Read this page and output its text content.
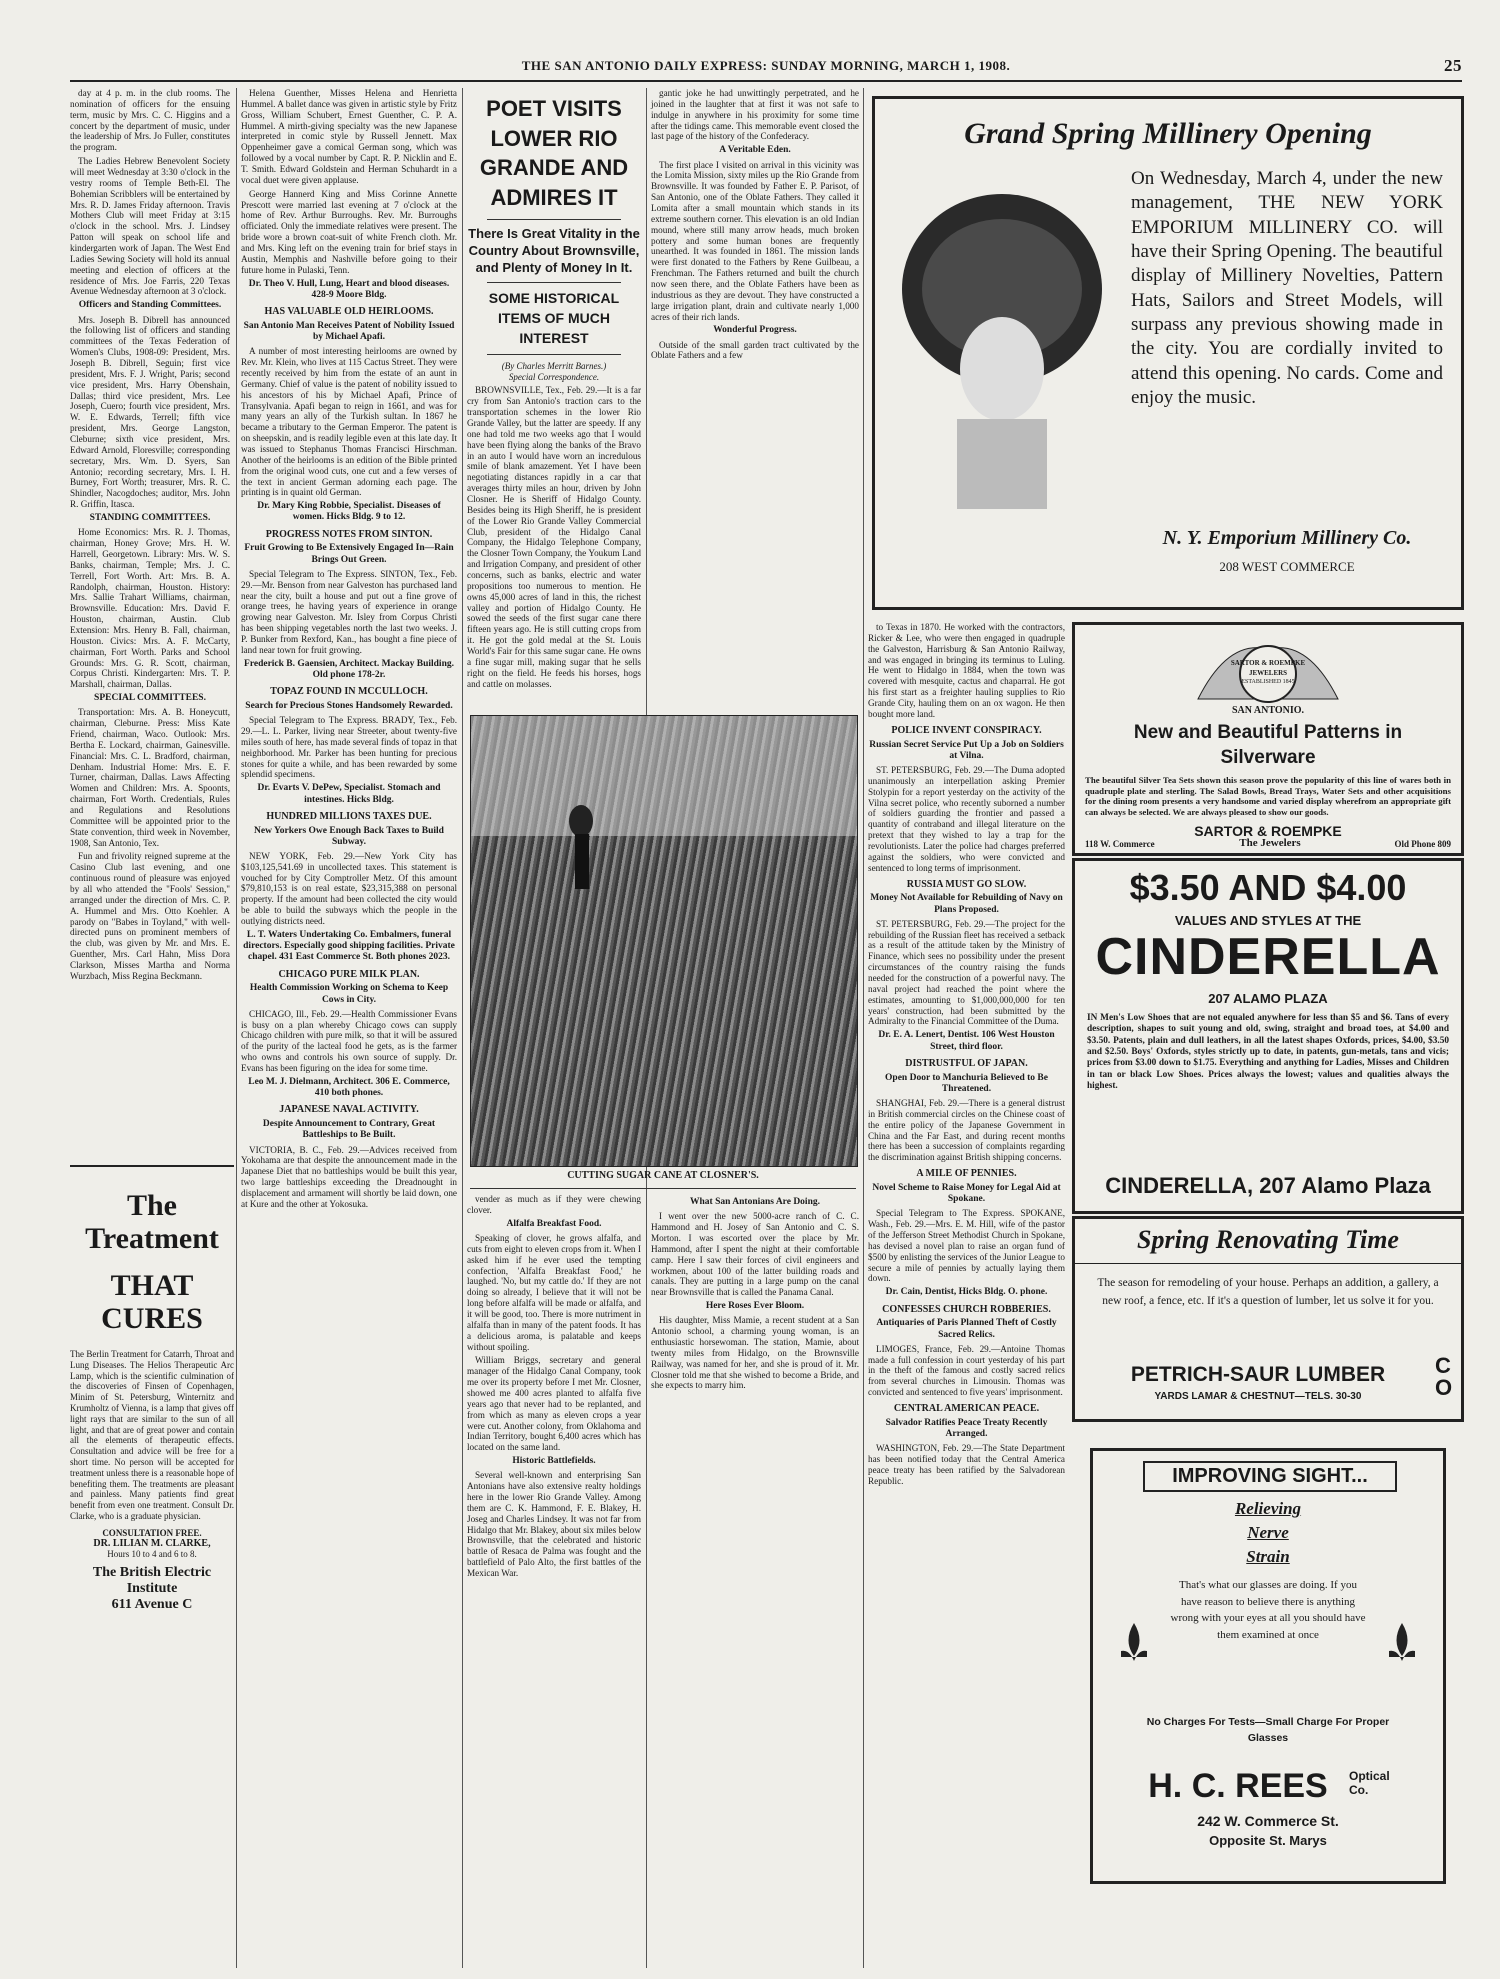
THE SAN ANTONIO DAILY EXPRESS: SUNDAY MORNING, MARCH 1, 1908.	25

day at 4 p. m. in the club rooms. The nomination of officers for the ensuing term, music by Mrs. C. C. Higgins and a concert by the department of music, under the leadership of Mrs. Jo Fuller, constitutes the program.

The Ladies Hebrew Benevolent Society will meet Wednesday at 3:30 o'clock in the vestry rooms of Temple Beth-El. The Bohemian Scribblers will be entertained by Mrs. R. D. James Friday afternoon. Travis Mothers Club will meet Friday at 3:15 o'clock in the school. Mrs. J. Lindsey Patton will speak on school life and kindergarten work of Japan. The West End Ladies Sewing Society will hold its annual meeting and election of officers at the residence of Mrs. Joe Farris, 220 Texas Avenue Wednesday afternoon at 3 o'clock.

Officers and Standing Committees.

Mrs. Joseph B. Dibrell has announced the following list of officers and standing committees of the Texas Federation of Women's Clubs, 1908-09: President, Mrs. Joseph B. Dibrell, Seguin; first vice president, Mrs. F. J. Wright, Paris; second vice president, Mrs. Harry Obenshain, Dallas; third vice president, Mrs. Lee Joseph, Cuero; fourth vice president, Mrs. W. E. Edwards, Terrell; fifth vice president, Mrs. George Langston, Cleburne; sixth vice president, Mrs. Edward Arnold, Floresville; corresponding secretary, Mrs. Wm. D. Syers, San Antonio; recording secretary, Mrs. I. H. Burney, Fort Worth; treasurer, Mrs. R. C. Shindler, Nacogdoches; auditor, Mrs. John R. Griffin, Itasca.

STANDING COMMITTEES.

Home Economics: Mrs. R. J. Thomas, chairman, Honey Grove; Mrs. H. W. Harrell, Georgetown. Library: Mrs. W. S. Banks, chairman, Temple; Mrs. J. C. Terrell, Fort Worth. Art: Mrs. B. A. Randolph, chairman, Houston. History: Mrs. Sallie Trahart Williams, chairman, Brownsville. Education: Mrs. David F. Houston, chairman, Austin. Club Extension: Mrs. Henry B. Fall, chairman, Houston. Civics: Mrs. A. F. McCarty, chairman, Fort Worth. Parks and School Grounds: Mrs. G. R. Scott, chairman, Corpus Christi. Kindergarten: Mrs. T. P. Marshall, chairman, Dallas.

SPECIAL COMMITTEES.

Transportation: Mrs. A. B. Honeycutt, chairman, Cleburne. Press: Miss Kate Friend, chairman, Waco. Outlook: Mrs. Bertha E. Lockard, chairman, Gainesville. Financial: Mrs. C. L. Bradford, chairman, Denham. Industrial Home: Mrs. E. F. Turner, chairman, Dallas. Laws Affecting Women and Children: Mrs. A. Spoonts, chairman, Fort Worth. Credentials, Rules and Regulations and Resolutions Committee will be appointed prior to the State convention, third week in November, 1908, San Antonio, Tex.

Fun and frivolity reigned supreme at the Casino Club last evening, and one continuous round of pleasure was enjoyed by all who attended the "Fools' Session," arranged under the direction of Mrs. C. P. A. Hummel and Mrs. Otto Koehler. A parody on "Babes in Toyland," with well-directed puns on prominent members of the club, was given by Mr. and Mrs. E. Guenther, Mrs. Carl Hahn, Miss Dora Clarkson, Misses Martha and Norma Wurzbach, Miss Regina Beckmann.

The Treatment
THAT CURES
The Berlin Treatment for Catarrh, Throat and Lung Diseases. The Helios Therapeutic Arc Lamp, which is the scientific culmination of the discoveries of Finsen of Copenhagen, Minim of St. Petersburg, Winternitz and Krumholtz of Vienna, is a lamp that gives off light rays that are similar to the sun of all light, and that are of great power and contain all the elements of therapeutic effects. Consultation and advice will be free for a short time. No person will be accepted for treatment unless there is a reasonable hope of benefiting them. The treatments are pleasant and painless. Many patients find great benefit from even one treatment. Consult Dr. Clarke, who is a graduate physician.
CONSULTATION FREE.
DR. LILIAN M. CLARKE,
Hours 10 to 4 and 6 to 8.
The British Electric Institute
611 Avenue C

Helena Guenther, Misses Helena and Henrietta Hummel. A ballet dance was given in artistic style by Fritz Gross, William Schubert, Ernest Guenther, C. P. A. Hummel. A mirth-giving specialty was the new Japanese interpreted in comic style by Russell Jennett. Max Oppenheimer gave a comical German song, which was followed by a vocal number by Capt. R. P. Nicklin and E. T. Smith. Edward Goldstein and Herman Schuhardt in a vocal duet were given applause.

George Hannerd King and Miss Corinne Annette Prescott were married last evening at 7 o'clock at the home of Rev. Arthur Burroughs. Rev. Mr. Burroughs officiated. Only the immediate relatives were present. The bride wore a brown coat-suit of white French cloth. Mr. and Mrs. King left on the evening train for brief stays in Austin, Memphis and Nashville before going to their future home in Pulaski, Tenn.

Dr. Theo V. Hull, Lung, Heart and blood diseases. 428-9 Moore Bldg.
HAS VALUABLE OLD HEIRLOOMS.
San Antonio Man Receives Patent of Nobility Issued by Michael Apafi.

A number of most interesting heirlooms are owned by Rev. Mr. Klein, who lives at 115 Cactus Street. They were recently received by him from the estate of an aunt in Germany. Chief of value is the patent of nobility issued to his ancestors of his by Michael Apafi, Prince of Transylvania. Apafi began to reign in 1661, and was for many years an ally of the Turkish sultan. In 1867 he became a tributary to the German Emperor. The patent is on sheepskin, and is readily legible even at this late day. It was issued to Stephanus Thomas Francisci Hirschman. Another of the heirlooms is an edition of the Bible printed from the original wood cuts, one cut and a few verses of the text in ancient German adorning each page. The printing is in quaint old German.

Dr. Mary King Robbie, Specialist. Diseases of women. Hicks Bldg. 9 to 12.
PROGRESS NOTES FROM SINTON.
Fruit Growing to Be Extensively Engaged In—Rain Brings Out Green.

Special Telegram to The Express. SINTON, Tex., Feb. 29.—Mr. Benson from near Galveston has purchased land near the city, built a house and put out a fine grove of orange trees, he having years of experience in orange growing near Galveston. Mr. Isley from Corpus Christi has been shipping vegetables north the last two weeks. J. P. Bunker from Rexford, Kan., has bought a fine piece of land near town for fruit growing.

Frederick B. Gaensien, Architect. Mackay Building. Old phone 178-2r.
TOPAZ FOUND IN MCCULLOCH.
Search for Precious Stones Handsomely Rewarded.

Special Telegram to The Express. BRADY, Tex., Feb. 29.—L. L. Parker, living near Streeter, about twenty-five miles south of here, has made several finds of topaz in that neighborhood. Mr. Parker has been hunting for precious stones for quite a while, and has been rewarded by some splendid specimens.

Dr. Evarts V. DePew, Specialist. Stomach and intestines. Hicks Bldg.
HUNDRED MILLIONS TAXES DUE.
New Yorkers Owe Enough Back Taxes to Build Subway.

NEW YORK, Feb. 29.—New York City has $103,125,541.69 in uncollected taxes. This statement is vouched for by City Comptroller Metz. Of this amount $79,810,153 is on real estate, $23,315,388 on personal property. If the amount had been collected the city would be able to build the subways which the people in the outlying districts need.

L. T. Waters Undertaking Co. Embalmers, funeral directors. Especially good shipping facilities. Private chapel. 431 East Commerce St. Both phones 2023.
CHICAGO PURE MILK PLAN.
Health Commission Working on Schema to Keep Cows in City.

CHICAGO, Ill., Feb. 29.—Health Commissioner Evans is busy on a plan whereby Chicago cows can supply Chicago children with pure milk, so that it will be assured of the purity of the lacteal food he gets, as is the farmer who owns and controls his own source of supply. Dr. Evans has been figuring on the idea for some time.

Leo M. J. Dielmann, Architect. 306 E. Commerce, 410 both phones.
JAPANESE NAVAL ACTIVITY.
Despite Announcement to Contrary, Great Battleships to Be Built.

VICTORIA, B. C., Feb. 29.—Advices received from Yokohama are that despite the announcement made in the Japanese Diet that no battleships would be built this year, two large battleships exceeding the Dreadnought in displacement and armament will shortly be laid down, one at Kure and the other at Yokosuka.

POET VISITS LOWER RIO GRANDE AND ADMIRES IT
There Is Great Vitality in the Country About Brownsville, and Plenty of Money In It.
SOME HISTORICAL ITEMS OF MUCH INTEREST
(By Charles Merritt Barnes.)
Special Correspondence.

BROWNSVILLE, Tex., Feb. 29.—It is a far cry from San Antonio's traction cars to the transportation schemes in the lower Rio Grande Valley, but the latter are speedy. If any one had told me two weeks ago that I would have been flying along the banks of the Bravo in an auto I would have worn an incredulous smile of blank amazement. Yet I have been negotiating distances rapidly in a car that averages thirty miles an hour, driven by John Closner. He is Sheriff of Hidalgo County. Besides being its High Sheriff, he is president of the Lower Rio Grande Valley Commercial Club, president of the Hidalgo Canal Company, the Hidalgo Telephone Company, the Closner Town Company, the Youkum Land and Irrigation Company, and president of other concerns, such as banks, electric and water propositions too numerous to mention. He owns 45,000 acres of land in this, the richest valley and portion of Hidalgo County. He sowed the seeds of the first sugar cane there fifteen years ago. He is still cutting crops from it. He got the gold medal at the St. Louis World's Fair for this same sugar cane. He owns a fine sugar mill, making sugar that he sells right on the field. He feeds his horses, hogs and cattle on molasses.

gantic joke he had unwittingly perpetrated, and he joined in the laughter that at first it was not safe to indulge in anywhere in his proximity for some time after the tidings came. This memorable event closed the last page of the history of the Confederacy.

A Veritable Eden.

The first place I visited on arrival in this vicinity was the Lomita Mission, sixty miles up the Rio Grande from Brownsville. It was founded by Father E. P. Parisot, of San Antonio, one of the Oblate Fathers. They called it Lomita after a small mountain which stands in its extreme southern corner. This elevation is an old Indian mound, where still many arrow heads, much broken pottery and some human bones are frequently unearthed. It was founded in 1861. The mission lands were first donated to the Fathers by Rene Guilbeau, a Frenchman. The Fathers returned and built the church now seen there, and the Oblate Fathers have been as industrious as they are devout. They have constructed a large irrigation plant, drain and cultivate nearly 1,000 acres of their rich lands.

Wonderful Progress.

Outside of the small garden tract cultivated by the Oblate Fathers and a few

CUTTING SUGAR CANE AT CLOSNER'S.

vender as much as if they were chewing clover.

Alfalfa Breakfast Food.

Speaking of clover, he grows alfalfa, and cuts from eight to eleven crops from it. When I asked him if he ever used the tempting confection, 'Alfalfa Breakfast Food,' he laughed. 'No, but my cattle do.' If they are not doing so already, I believe that it will not be long before alfalfa will be made or alfalfa, and it will be good, too. There is more nutriment in alfalfa than in many of the patent foods. It has a delicious aroma, is palatable and keeps without spoiling.

William Briggs, secretary and general manager of the Hidalgo Canal Company, took me over its property before I met Mr. Closner, showed me 400 acres planted to alfalfa five years ago that never had to be replanted, and from which as many as eleven crops a year were cut. Another colony, from Oklahoma and Indian Territory, bought 6,400 acres which has located on the same land.

Historic Battlefields.

Several well-known and enterprising San Antonians have also extensive realty holdings here in the lower Rio Grande Valley. Among them are C. K. Hammond, F. E. Blakey, H. Joseg and Charles Lindsey. It was not far from Hidalgo that Mr. Blakey, about six miles below Brownsville, that the celebrated and historic battle of Resaca de Palma was fought and the battlefield of Palo Alto, the first battles of the Mexican War.

What San Antonians Are Doing.

I went over the new 5000-acre ranch of C. C. Hammond and H. Josey of San Antonio and C. S. Morton. I was escorted over the place by Mr. Hammond, after I spent the night at their comfortable camp. Here I saw their forces of civil engineers and workmen, about 100 of the latter building roads and canals. They are putting in a large pump on the canal near Brownsville that is called the Panama Canal.

Here Roses Ever Bloom.

His daughter, Miss Mamie, a recent student at a San Antonio school, a charming young woman, is an enthusiastic horsewoman. The station, Mamie, about twenty miles from Hidalgo, on the Brownsville Railway, was named for her, and she is proud of it. Mr. Closner told me that she wished to become a Bride, and she expects to marry him.

to Texas in 1870. He worked with the contractors, Ricker & Lee, who were then engaged in quadruple the Galveston, Harrisburg & San Antonio Railway, and was engaged in bringing its terminus to Luling. He went to Hidalgo in 1884, when the town was covered with mesquite, cactus and chaparral. He got his first start as a freighter hauling supplies to Rio Grande City, hauling them on an ox wagon. He then bought more land.

POLICE INVENT CONSPIRACY.
Russian Secret Service Put Up a Job on Soldiers at Vilna.

ST. PETERSBURG, Feb. 29.—The Duma adopted unanimously an interpellation asking Premier Stolypin for a report yesterday on the activity of the Vilna secret police, who recently suborned a number of soldiers guarding the frontier and passed a quantity of contraband and illegal literature on the pretext that they wished to lay a trap for the revolutionists. Later the police had charges preferred against the soldiers, who were convicted and sentenced to long terms of imprisonment.

RUSSIA MUST GO SLOW.
Money Not Available for Rebuilding of Navy on Plans Proposed.

ST. PETERSBURG, Feb. 29.—The project for the rebuilding of the Russian fleet has received a setback as a result of the attitude taken by the Ministry of Finance, which sees no possibility under the present circumstances of the country raising the funds needed for the construction of a powerful navy. The naval project had reached the point where the estimates, amounting to $1,000,000,000 for ten years' construction, had been submitted by the Admiralty to the Financial Committee of the Duma.

Dr. E. A. Lenert, Dentist. 106 West Houston Street, third floor.
DISTRUSTFUL OF JAPAN.
Open Door to Manchuria Believed to Be Threatened.

SHANGHAI, Feb. 29.—There is a general distrust in British commercial circles on the Chinese coast of the entire policy of the Japanese Government in China and the Far East, and during recent months there has been a succession of complaints regarding the discrimination against British shipping concerns.

A MILE OF PENNIES.
Novel Scheme to Raise Money for Legal Aid at Spokane.

Special Telegram to The Express. SPOKANE, Wash., Feb. 29.—Mrs. E. M. Hill, wife of the pastor of the Jefferson Street Methodist Church in Spokane, has devised a novel plan to raise an organ fund of $500 by enlisting the services of the Junior League to secure a mile of pennies by actually laying them down.

Dr. Cain, Dentist, Hicks Bldg. O. phone.
CONFESSES CHURCH ROBBERIES.
Antiquaries of Paris Planned Theft of Costly Sacred Relics.

LIMOGES, France, Feb. 29.—Antoine Thomas made a full confession in court yesterday of his part in the theft of the famous and costly sacred relics from several churches in Limousin. Thomas was convicted and sentenced to five years' imprisonment.

CENTRAL AMERICAN PEACE.
Salvador Ratifies Peace Treaty Recently Arranged.

WASHINGTON, Feb. 29.—The State Department has been notified today that the Central America peace treaty has been ratified by the Salvadorean Republic.

Grand Spring Millinery Opening
On Wednesday, March 4, under the new management, THE NEW YORK EMPORIUM MILLINERY CO. will have their Spring Opening. The beautiful display of Millinery Novelties, Pattern Hats, Sailors and Street Models, will surpass any previous showing made in the city. You are cordially invited to attend this opening. No cards. Come and enjoy the music.
N. Y. Emporium Millinery Co.
208 WEST COMMERCE
SARTOR & ROEMPKE
JEWELERS
ESTABLISHED 1845
SAN ANTONIO.
New and Beautiful Patterns in Silverware
The beautiful Silver Tea Sets shown this season prove the popularity of this line of wares both in quadruple plate and sterling. The Salad Bowls, Bread Trays, Water Sets and other acquisitions for the dining room presents a very handsome and varied display wherefrom an appropriate gift can always be selected. We are always pleased to show our goods.
SARTOR & ROEMPKE
118 W. Commerce	The Jewelers	Old Phone 809
$3.50 AND $4.00
VALUES AND STYLES AT THE
CINDERELLA
207 ALAMO PLAZA
IN Men's Low Shoes that are not equaled anywhere for less than $5 and $6. Tans of every description, shapes to suit young and old, swing, straight and broad toes, at $4.00 and $3.50. Patents, plain and dull leathers, in all the latest shapes Oxfords, prices, $4.00, $3.50 and $2.50. Boys' Oxfords, styles strictly up to date, in patents, gun-metals, tans and vicis; prices from $3.00 down to $1.75. Everything and anything for Ladies, Misses and Children in tan or black Low Shoes. Prices always the lowest; values and qualities always the highest.
CINDERELLA, 207 Alamo Plaza
Spring Renovating Time
The season for remodeling of your house. Perhaps an addition, a gallery, a new roof, a fence, etc. If it's a question of lumber, let us solve it for you.
PETRICH-SAUR LUMBER	CO
YARDS LAMAR & CHESTNUT—TELS. 30-30
IMPROVING SIGHT...
Relieving
Nerve
Strain
That's what our glasses are doing. If you have reason to believe there is anything wrong with your eyes at all you should have them examined at once
No Charges For Tests—Small Charge For Proper Glasses
H. C. REES	Optical Co.
242 W. Commerce St.
Opposite St. Marys
